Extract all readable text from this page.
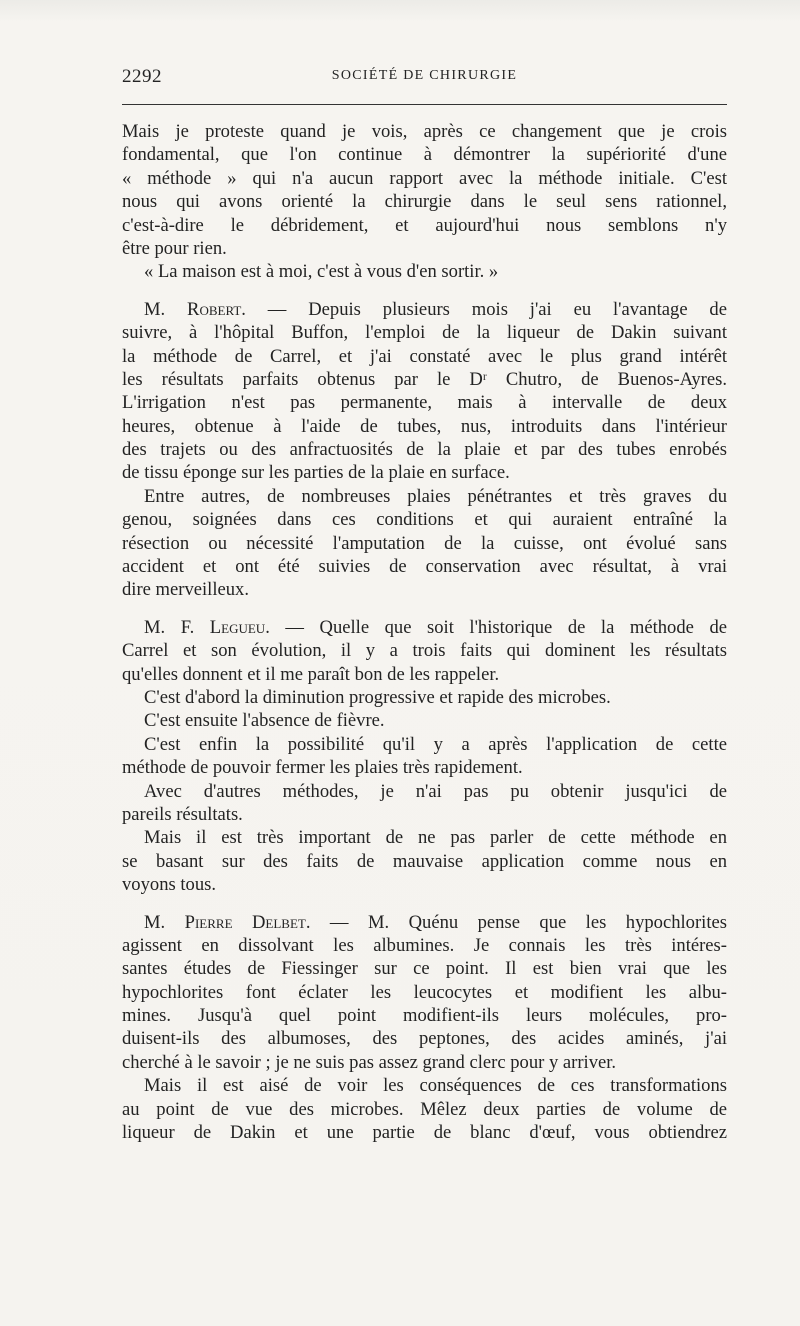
2292	SOCIÉTÉ DE CHIRURGIE
Mais je proteste quand je vois, après ce changement que je crois
fondamental, que l'on continue à démontrer la supériorité d'une
« méthode » qui n'a aucun rapport avec la méthode initiale. C'est
nous qui avons orienté la chirurgie dans le seul sens rationnel,
c'est-à-dire le débridement, et aujourd'hui nous semblons n'y
être pour rien.
« La maison est à moi, c'est à vous d'en sortir. »
M. Robert. — Depuis plusieurs mois j'ai eu l'avantage de
suivre, à l'hôpital Buffon, l'emploi de la liqueur de Dakin suivant
la méthode de Carrel, et j'ai constaté avec le plus grand intérêt
les résultats parfaits obtenus par le Dʳ Chutro, de Buenos-Ayres.
L'irrigation n'est pas permanente, mais à intervalle de deux
heures, obtenue à l'aide de tubes, nus, introduits dans l'intérieur
des trajets ou des anfractuosités de la plaie et par des tubes enrobés
de tissu éponge sur les parties de la plaie en surface.
Entre autres, de nombreuses plaies pénétrantes et très graves du
genou, soignées dans ces conditions et qui auraient entraîné la
résection ou nécessité l'amputation de la cuisse, ont évolué sans
accident et ont été suivies de conservation avec résultat, à vrai
dire merveilleux.
M. F. Legueu. — Quelle que soit l'historique de la méthode de
Carrel et son évolution, il y a trois faits qui dominent les résultats
qu'elles donnent et il me paraît bon de les rappeler.
C'est d'abord la diminution progressive et rapide des microbes.
C'est ensuite l'absence de fièvre.
C'est enfin la possibilité qu'il y a après l'application de cette
méthode de pouvoir fermer les plaies très rapidement.
Avec d'autres méthodes, je n'ai pas pu obtenir jusqu'ici de
pareils résultats.
Mais il est très important de ne pas parler de cette méthode en
se basant sur des faits de mauvaise application comme nous en
voyons tous.
M. Pierre Delbet. — M. Quénu pense que les hypochlorites
agissent en dissolvant les albumines. Je connais les très intéres-
santes études de Fiessinger sur ce point. Il est bien vrai que les
hypochlorites font éclater les leucocytes et modifient les albu-
mines. Jusqu'à quel point modifient-ils leurs molécules, pro-
duisent-ils des albumoses, des peptones, des acides aminés, j'ai
cherché à le savoir ; je ne suis pas assez grand clerc pour y arriver.
Mais il est aisé de voir les conséquences de ces transformations
au point de vue des microbes. Mêlez deux parties de volume de
liqueur de Dakin et une partie de blanc d'œuf, vous obtiendrez
